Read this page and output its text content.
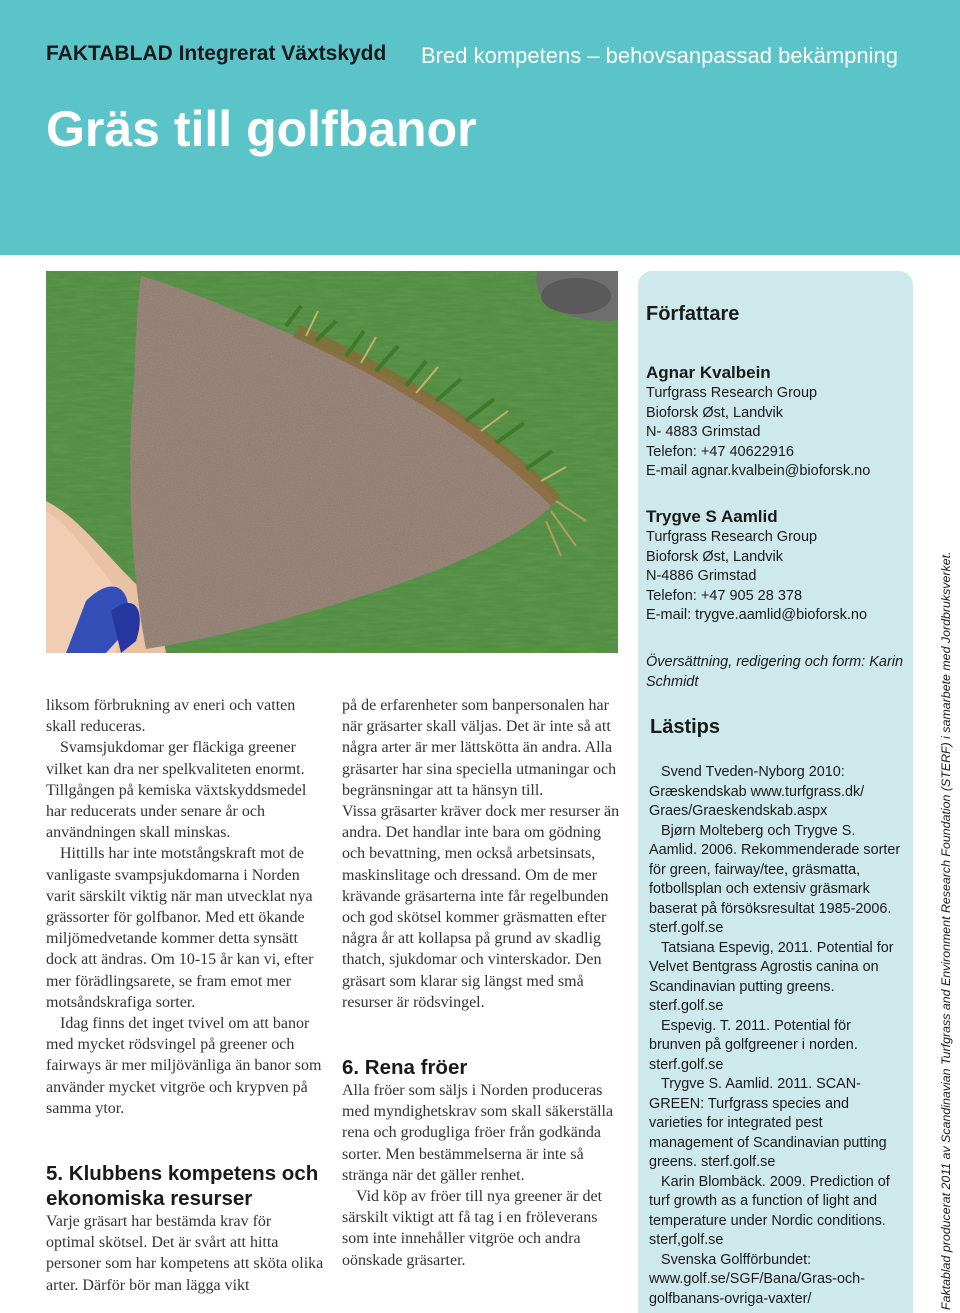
FAKTABLAD Integrerat Växtskydd Bred kompetens – behovsanpassad bekämpning
Gräs till golfbanor
Författare
Agnar Kvalbein
Turfgrass Research Group
Bioforsk Øst, Landvik
N- 4883 Grimstad
Telefon: +47 40622916
E-mail agnar.kvalbein@bioforsk.no
Trygve S Aamlid
Turfgrass Research Group
Bioforsk Øst, Landvik
N-4886 Grimstad
Telefon: +47 905 28 378
E-mail: trygve.aamlid@bioforsk.no
Översättning, redigering och form: Karin Schmidt
Lästips

Svend Tveden-Nyborg 2010: Græskendskab www.turfgrass.dk/ Graes/Graeskendskab.aspx

Bjørn Molteberg och Trygve S. Aamlid. 2006. Rekommenderade sorter för green, fairway/tee, gräsmatta, fotbollsplan och extensiv gräsmark baserat på försöksresultat 1985-2006. sterf.golf.se

Tatsiana Espevig, 2011. Potential for Velvet Bentgrass Agrostis canina on Scandinavian putting greens. sterf.golf.se

Espevig. T. 2011. Potential för brunven på golfgreener i norden. sterf.golf.se

Trygve S. Aamlid. 2011. SCAN-GREEN: Turfgrass species and varieties for integrated pest management of Scandinavian putting greens. sterf.golf.se

Karin Blombäck. 2009. Prediction of turf growth as a function of light and temperature under Nordic conditions. sterf,golf.se

Svenska Golfförbundet: www.golf.se/SGF/Bana/Gras-och-golfbanans-ovriga-vaxter/	Faktablad producerat 2011 av Scandinavian Turfgrass and Environment Research Foundation (STERF) i samarbete med Jordbruksverket.

liksom förbrukning av eneri och vatten skall reduceras.

Svamsjukdomar ger fläckiga greener vilket kan dra ner spelkvaliteten enormt. Tillgången på kemiska växtskyddsmedel har reducerats under senare år och användningen skall minskas.

Hittills har inte motstångskraft mot de vanligaste svampsjukdomarna i Norden varit särskilt viktig när man utvecklat nya grässorter för golfbanor. Med ett ökande miljömedvetande kommer detta synsätt dock att ändras. Om 10-15 år kan vi, efter mer förädlingsarete, se fram emot mer motsåndskrafiga sorter.

Idag finns det inget tvivel om att banor med mycket rödsvingel på greener och fairways är mer miljövänliga än banor som använder mycket vitgröe och krypven på samma ytor.

5. Klubbens kompetens och ekonomiska resurser

Varje gräsart har bestämda krav för optimal skötsel. Det är svårt att hitta personer som har kompetens att sköta olika arter. Därför bör man lägga vikt

på de erfarenheter som banpersonalen har när gräsarter skall väljas. Det är inte så att några arter är mer lättskötta än andra. Alla gräsarter har sina speciella utmaningar och begränsningar att ta hänsyn till.

Vissa gräsarter kräver dock mer resurser än andra. Det handlar inte bara om gödning och bevattning, men också arbetsinsats, maskinslitage och dressand. Om de mer krävande gräsarterna inte får regelbunden och god skötsel kommer gräsmatten efter några år att kollapsa på grund av skadlig thatch, sjukdomar och vinterskador. Den gräsart som klarar sig längst med små resurser är rödsvingel.

6. Rena fröer

Alla fröer som säljs i Norden produceras med myndighetskrav som skall säkerställa rena och grodugliga fröer från godkända sorter. Men bestämmelserna är inte så stränga när det gäller renhet.

Vid köp av fröer till nya greener är det särskilt viktigt att få tag i en fröleverans som inte innehåller vitgröe och andra oönskade gräsarter.
